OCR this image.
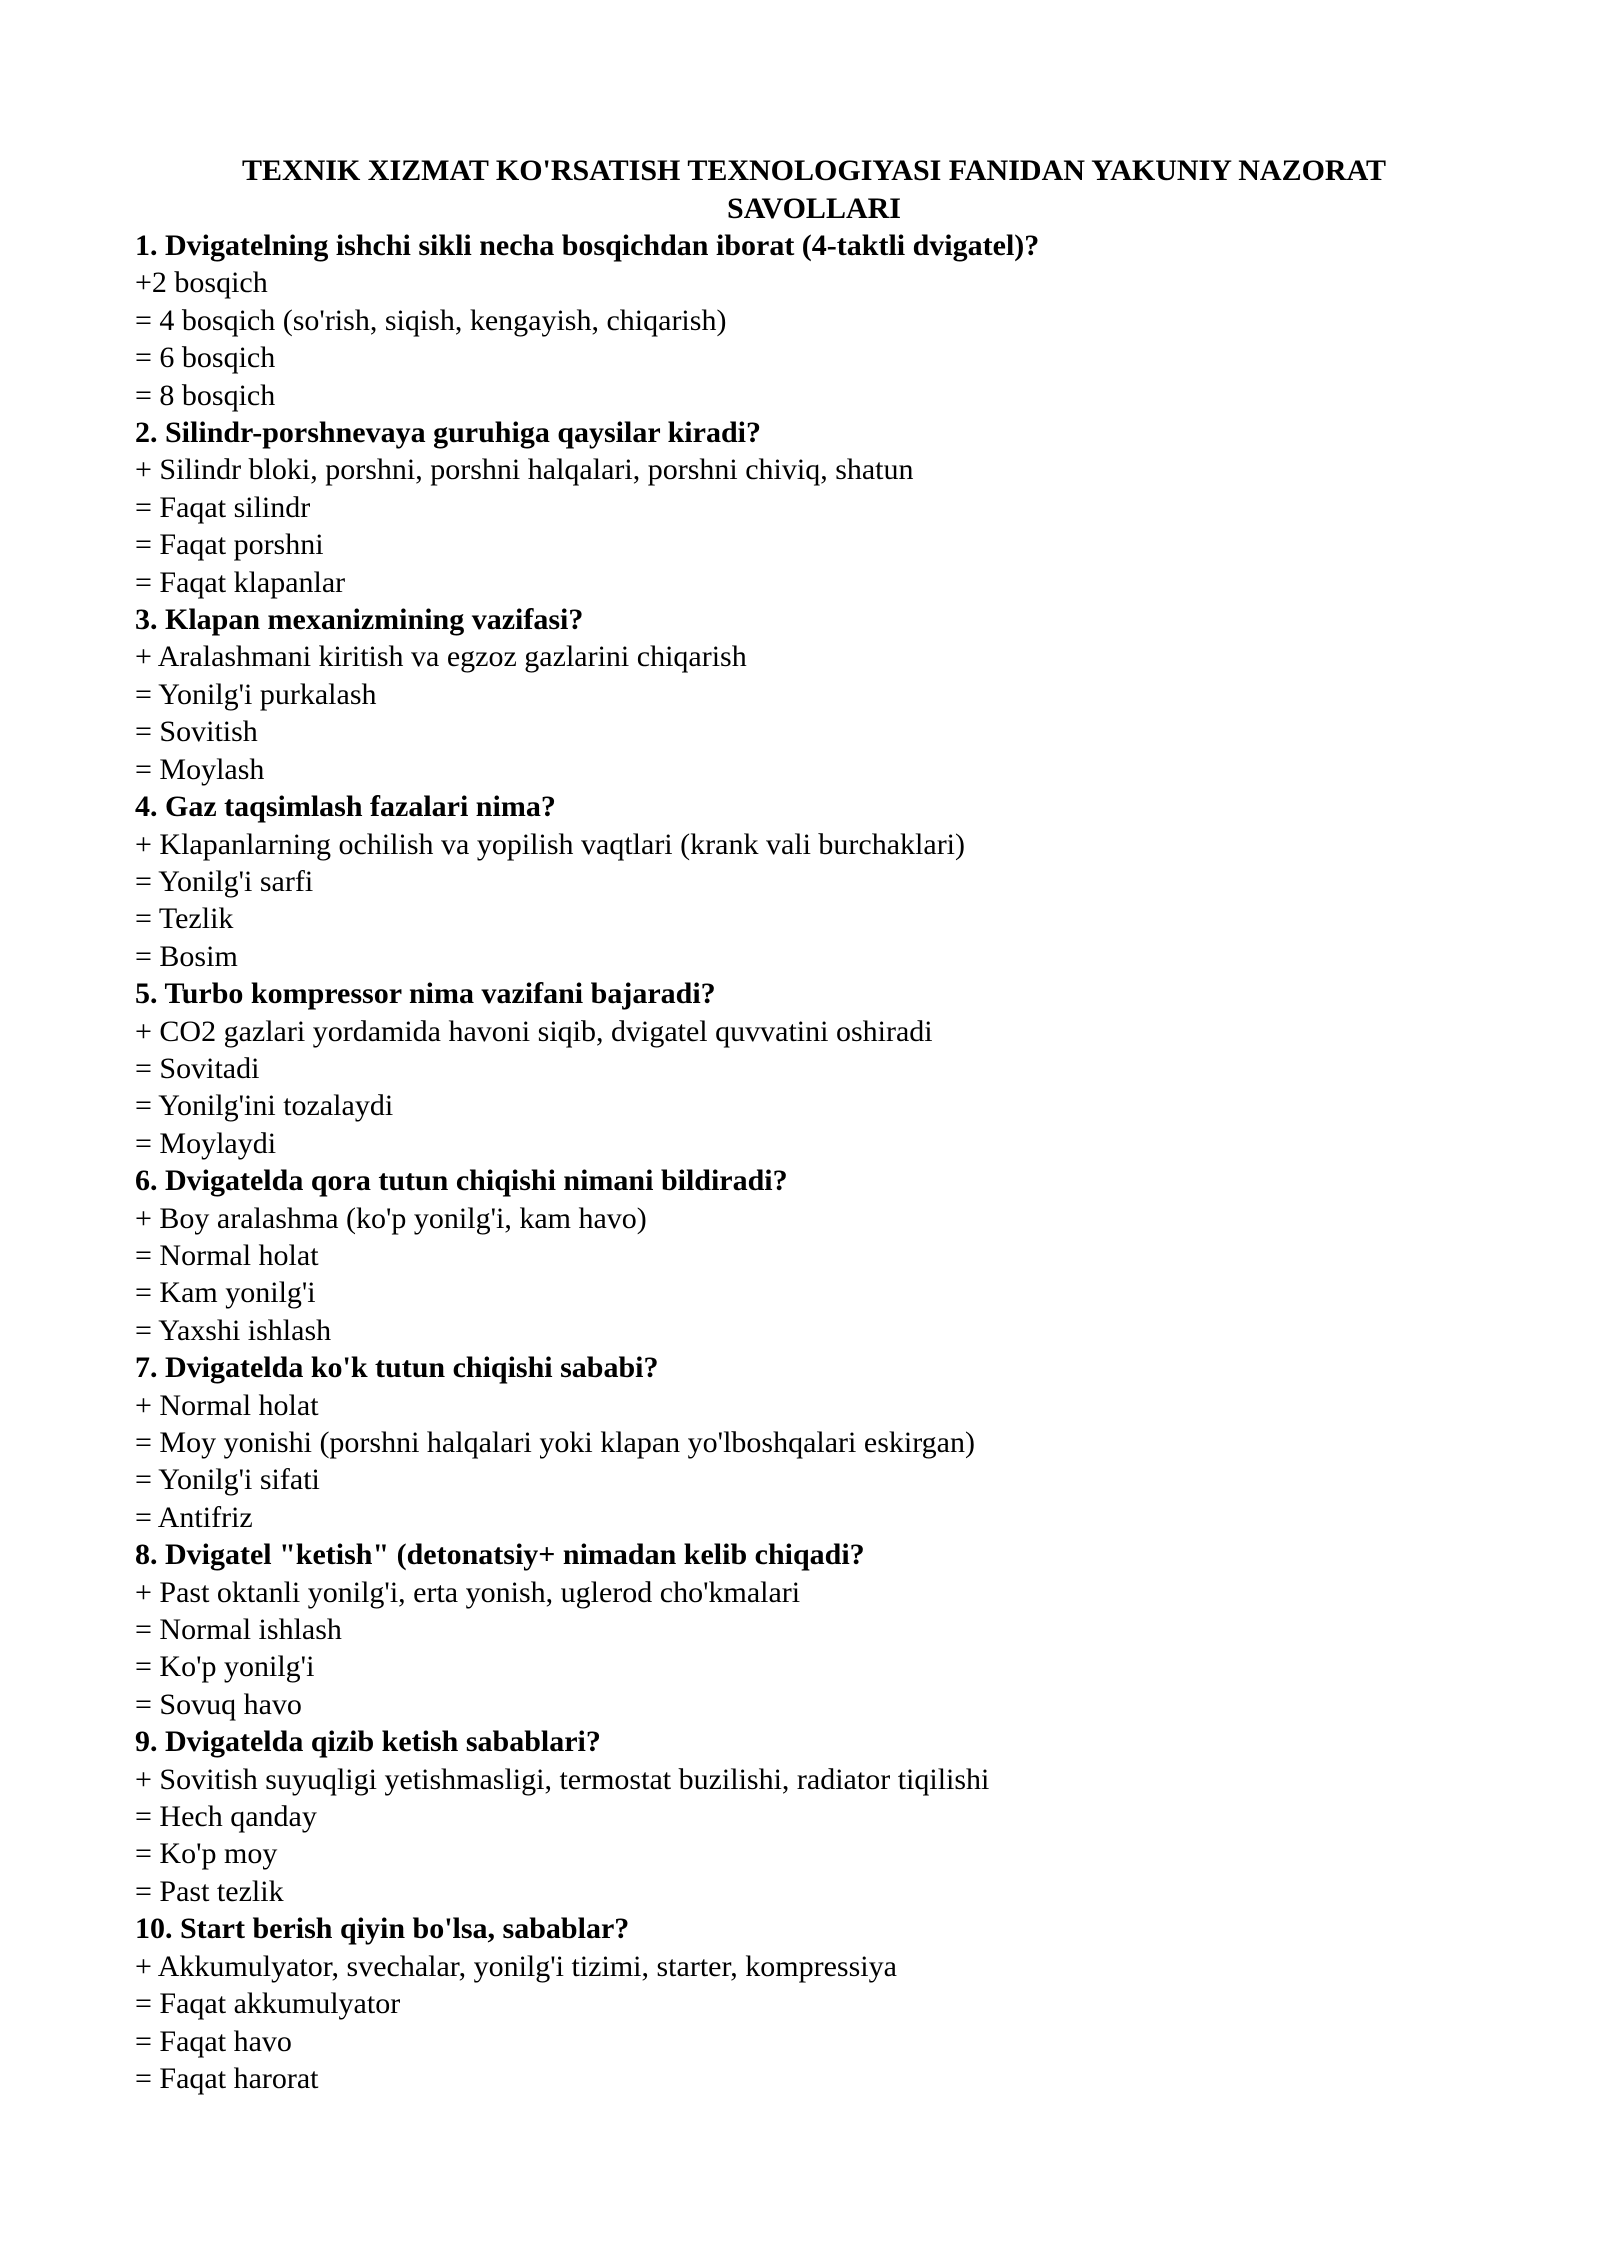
TEXNIK XIZMAT KO'RSATISH TEXNOLOGIYASI FANIDAN YAKUNIY NAZORAT
SAVOLLARI
1. Dvigatelning ishchi sikli necha bosqichdan iborat (4-taktli dvigatel)?
+2 bosqich
= 4 bosqich (so'rish, siqish, kengayish, chiqarish)
= 6 bosqich
= 8 bosqich
2. Silindr-porshnevaya guruhiga qaysilar kiradi?
+ Silindr bloki, porshni, porshni halqalari, porshni chiviq, shatun
= Faqat silindr
= Faqat porshni
= Faqat klapanlar
3. Klapan mexanizmining vazifasi?
+ Aralashmani kiritish va egzoz gazlarini chiqarish
= Yonilg'i purkalash
= Sovitish
= Moylash
4. Gaz taqsimlash fazalari nima?
+ Klapanlarning ochilish va yopilish vaqtlari (krank vali burchaklari)
= Yonilg'i sarfi
= Tezlik
= Bosim
5. Turbo kompressor nima vazifani bajaradi?
+ CO2 gazlari yordamida havoni siqib, dvigatel quvvatini oshiradi
= Sovitadi
= Yonilg'ini tozalaydi
= Moylaydi
6. Dvigatelda qora tutun chiqishi nimani bildiradi?
+ Boy aralashma (ko'p yonilg'i, kam havo)
= Normal holat
= Kam yonilg'i
= Yaxshi ishlash
7. Dvigatelda ko'k tutun chiqishi sababi?
+ Normal holat
= Moy yonishi (porshni halqalari yoki klapan yo'lboshqalari eskirgan)
= Yonilg'i sifati
= Antifriz
8. Dvigatel "ketish" (detonatsiy+ nimadan kelib chiqadi?
+ Past oktanli yonilg'i, erta yonish, uglerod cho'kmalari
= Normal ishlash
= Ko'p yonilg'i
= Sovuq havo
9. Dvigatelda qizib ketish sabablari?
+ Sovitish suyuqligi yetishmasligi, termostat buzilishi, radiator tiqilishi
= Hech qanday
= Ko'p moy
= Past tezlik
10. Start berish qiyin bo'lsa, sabablar?
+ Akkumulyator, svechalar, yonilg'i tizimi, starter, kompressiya
= Faqat akkumulyator
= Faqat havo
= Faqat harorat
